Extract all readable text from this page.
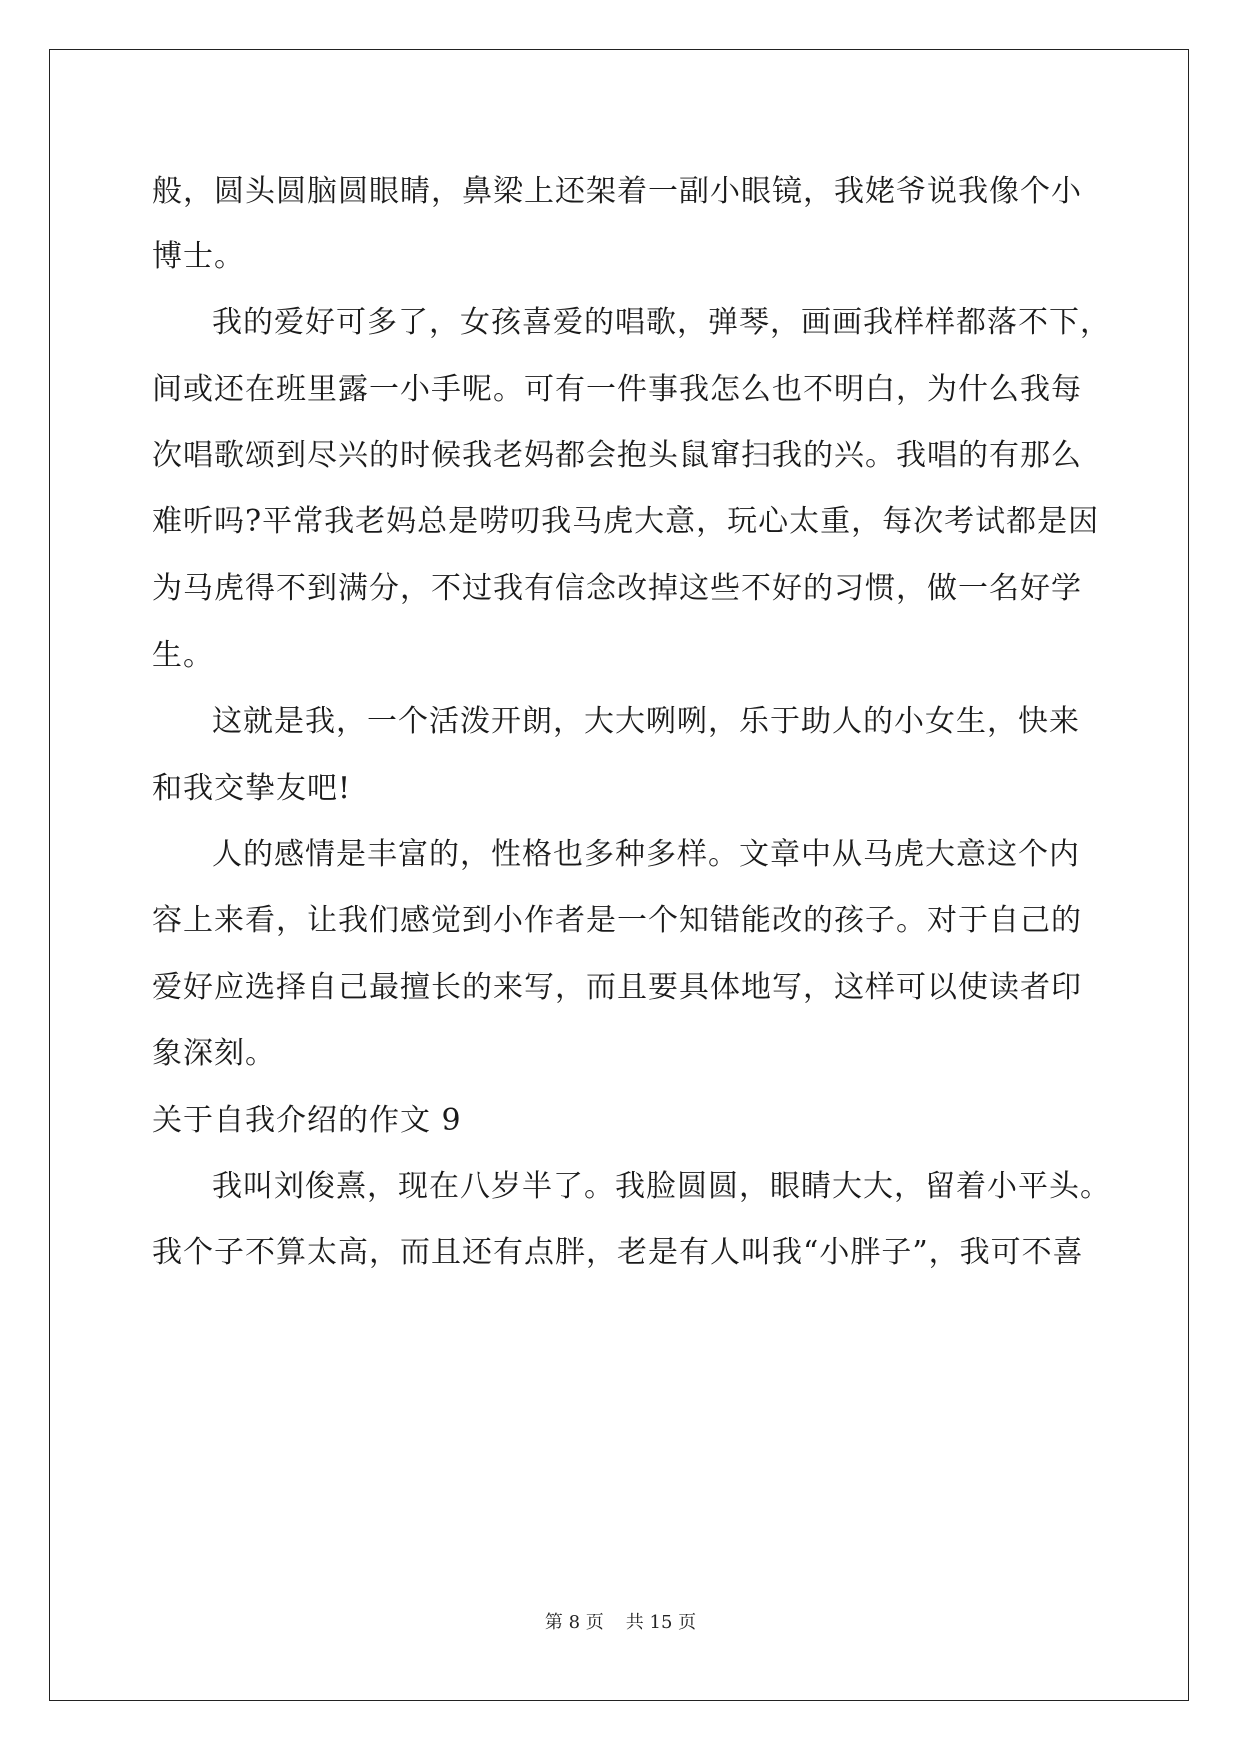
般，圆头圆脑圆眼睛，鼻梁上还架着一副小眼镜，我姥爷说我像个小
博士。
我的爱好可多了，女孩喜爱的唱歌，弹琴，画画我样样都落不下，
间或还在班里露一小手呢。可有一件事我怎么也不明白，为什么我每
次唱歌颂到尽兴的时候我老妈都会抱头鼠窜扫我的兴。我唱的有那么
难听吗?平常我老妈总是唠叨我马虎大意，玩心太重，每次考试都是因
为马虎得不到满分，不过我有信念改掉这些不好的习惯，做一名好学
生。
这就是我，一个活泼开朗，大大咧咧，乐于助人的小女生，快来
和我交挚友吧!
人的感情是丰富的，性格也多种多样。文章中从马虎大意这个内
容上来看，让我们感觉到小作者是一个知错能改的孩子。对于自己的
爱好应选择自己最擅长的来写，而且要具体地写，这样可以使读者印
象深刻。
关于自我介绍的作文 9
我叫刘俊熹，现在八岁半了。我脸圆圆，眼睛大大，留着小平头。
我个子不算太高，而且还有点胖，老是有人叫我“小胖子”，我可不喜
第 8 页 共 15 页
